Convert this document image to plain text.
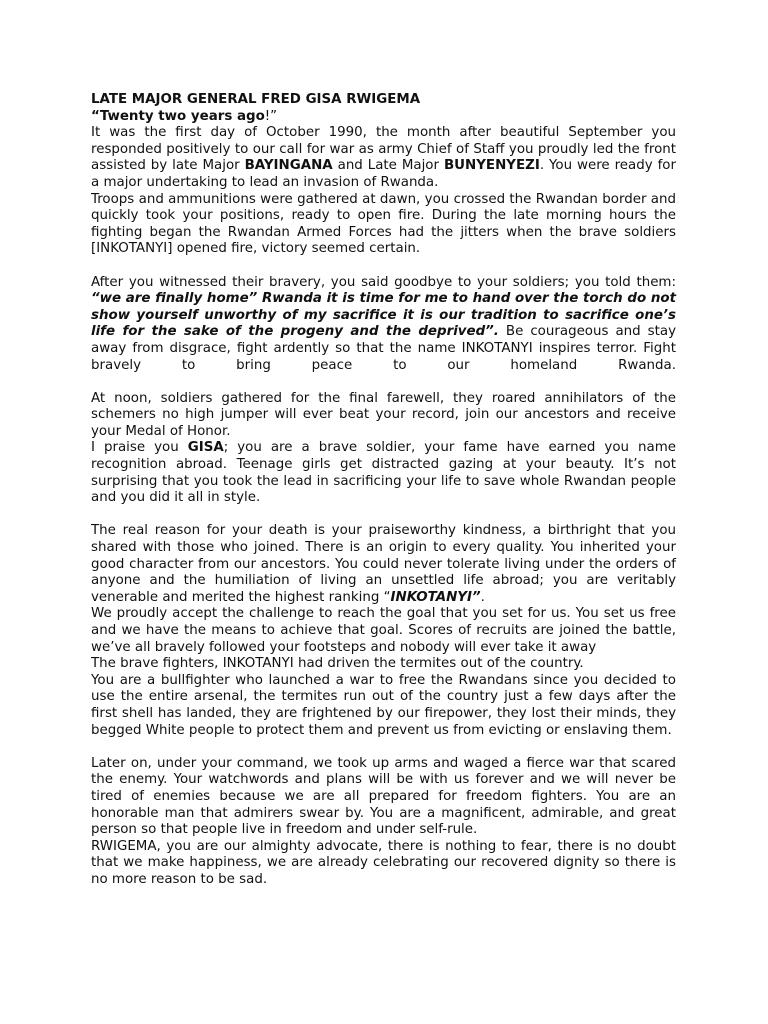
LATE MAJOR GENERAL FRED GISA RWIGEMA

“Twenty two years ago!”

It was the first day of October 1990, the month after beautiful September you responded positively to our call for war as army Chief of Staff you proudly led the front assisted by late Major BAYINGANA and Late Major BUNYENYEZI. You were ready for a major undertaking to lead an invasion of Rwanda.

Troops and ammunitions were gathered at dawn, you crossed the Rwandan border and quickly took your positions, ready to open fire. During the late morning hours the fighting began the Rwandan Armed Forces had the jitters when the brave soldiers [INKOTANYI] opened fire, victory seemed certain.

After you witnessed their bravery, you said goodbye to your soldiers; you told them: “we are finally home” Rwanda it is time for me to hand over the torch do not show yourself unworthy of my sacrifice it is our tradition to sacrifice one’s life for the sake of the progeny and the deprived”. Be courageous and stay away from disgrace, fight ardently so that the name INKOTANYI inspires terror. Fight bravely to bring peace to our homeland Rwanda.

At noon, soldiers gathered for the final farewell, they roared annihilators of the schemers no high jumper will ever beat your record, join our ancestors and receive your Medal of Honor.

I praise you GISA; you are a brave soldier, your fame have earned you name recognition abroad. Teenage girls get distracted gazing at your beauty. It’s not surprising that you took the lead in sacrificing your life to save whole Rwandan people and you did it all in style.

The real reason for your death is your praiseworthy kindness, a birthright that you shared with those who joined. There is an origin to every quality. You inherited your good character from our ancestors. You could never tolerate living under the orders of anyone and the humiliation of living an unsettled life abroad; you are veritably venerable and merited the highest ranking “INKOTANYI”.

We proudly accept the challenge to reach the goal that you set for us. You set us free and we have the means to achieve that goal. Scores of recruits are joined the battle, we’ve all bravely followed your footsteps and nobody will ever take it away

The brave fighters, INKOTANYI had driven the termites out of the country.

You are a bullfighter who launched a war to free the Rwandans since you decided to use the entire arsenal, the termites run out of the country just a few days after the first shell has landed, they are frightened by our firepower, they lost their minds, they begged White people to protect them and prevent us from evicting or enslaving them.

Later on, under your command, we took up arms and waged a fierce war that scared the enemy. Your watchwords and plans will be with us forever and we will never be tired of enemies because we are all prepared for freedom fighters. You are an honorable man that admirers swear by. You are a magnificent, admirable, and great person so that people live in freedom and under self-rule.

RWIGEMA, you are our almighty advocate, there is nothing to fear, there is no doubt that we make happiness, we are already celebrating our recovered dignity so there is no more reason to be sad.
